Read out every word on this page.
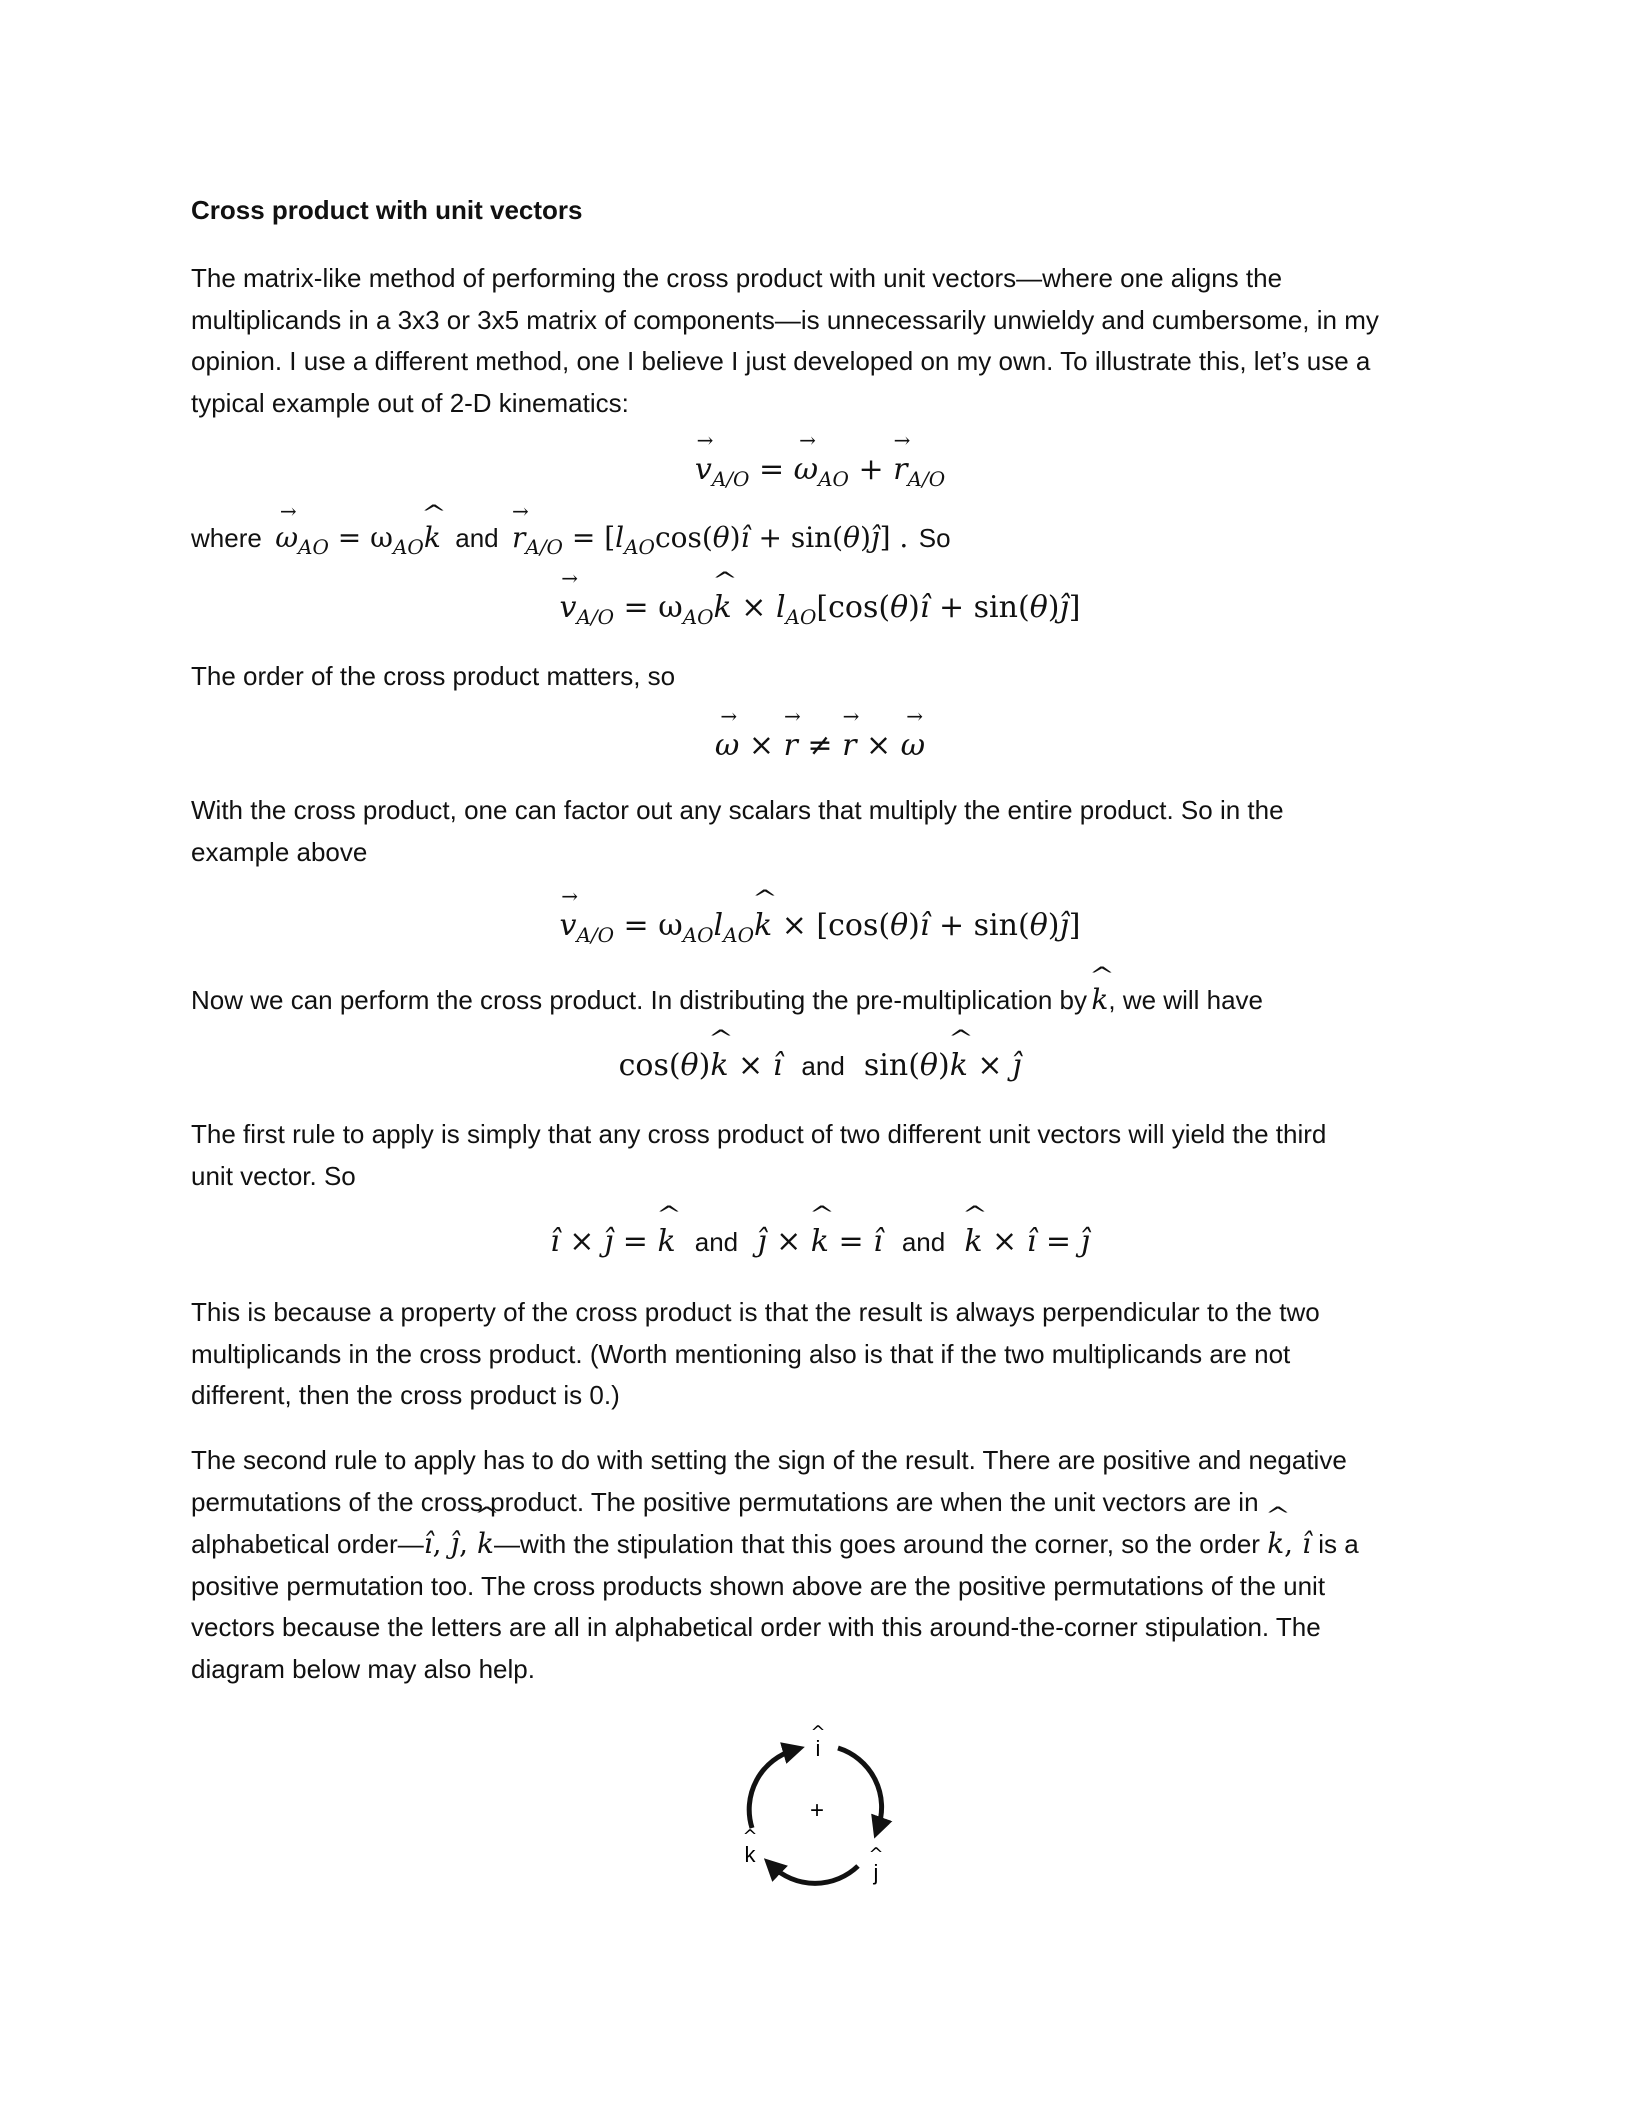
Cross product with unit vectors

The matrix-like method of performing the cross product with unit vectors—where one aligns the
multiplicands in a 3x3 or 3x5 matrix of components—is unnecessarily unwieldy and cumbersome, in my
opinion. I use a different method, one I believe I just developed on my own. To illustrate this, let’s use a
typical example out of 2-D kinematics:

→ $v_{A/O}$ = → $\omega_{AO}$ + → $r_{A/O}$
where → $\omega_{AO}$ = $\omega_{AO}\^{}$ k and → $r_{A/O}$ = [$l_{AO}\cos(\theta)î$ + sin(θ)ĵ] . So
→ $v_{A/O}$ = $\omega_{AO}\^{}$ $k \times l_{AO}[\cos(\theta)î$ + sin(θ)ĵ]

The order of the cross product matters, so

→ ω × → r ≠ → r × → ω

With the cross product, one can factor out any scalars that multiply the entire product. So in the
example above

→ $v_{A/O}$ = $\omega_{AO}l_{AO}\^{}$ k × [cos(θ)î + sin(θ)ĵ]
Now we can perform the cross product. In distributing the pre-multiplication by ^ k, we will have
cos(θ)^ k × î and  sin(θ)^ k × ĵ

The first rule to apply is simply that any cross product of two different unit vectors will yield the third
unit vector. So

î × ĵ = ^ k and ĵ × ^ k = î and ^ k × î = ĵ

This is because a property of the cross product is that the result is always perpendicular to the two
multiplicands in the cross product. (Worth mentioning also is that if the two multiplicands are not
different, then the cross product is 0.)

The second rule to apply has to do with setting the sign of the result. There are positive and negative
permutations of the cross product. The positive permutations are when the unit vectors are in
alphabetical order—î, ĵ, ^ k—with the stipulation that this goes around the corner, so the order ^ k, î is a
positive permutation too. The cross products shown above are the positive permutations of the unit
vectors because the letters are all in alphabetical order with this around-the-corner stipulation. The
diagram below may also help.

^
^
^
i
j
k
+
